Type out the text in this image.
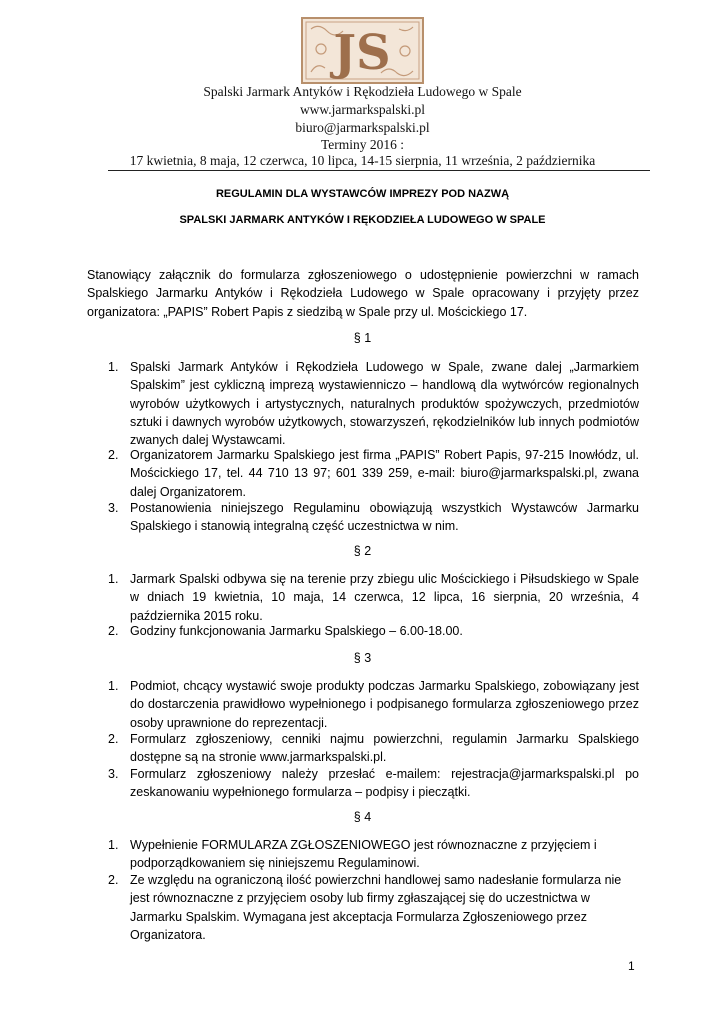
JS
Spalski Jarmark Antyków i Rękodzieła Ludowego w Spale
www.jarmarkspalski.pl
biuro@jarmarkspalski.pl
Terminy 2016 :
17 kwietnia, 8 maja, 12 czerwca, 10 lipca, 14-15 sierpnia, 11 września, 2 października
REGULAMIN DLA WYSTAWCÓW IMPREZY POD NAZWĄ
SPALSKI JARMARK ANTYKÓW I RĘKODZIEŁA LUDOWEGO W SPALE
Stanowiący załącznik do formularza zgłoszeniowego o udostępnienie powierzchni w ramach Spalskiego Jarmarku Antyków i Rękodzieła Ludowego w Spale opracowany i przyjęty przez organizatora: „PAPIS” Robert Papis z siedzibą w Spale przy ul. Mościckiego 17.
§ 1
1. Spalski Jarmark Antyków i Rękodzieła Ludowego w Spale, zwane dalej „Jarmarkiem Spalskim” jest cykliczną imprezą wystawienniczo – handlową dla wytwórców regionalnych wyrobów użytkowych i artystycznych, naturalnych produktów spożywczych, przedmiotów sztuki i dawnych wyrobów użytkowych, stowarzyszeń, rękodzielników lub innych podmiotów zwanych dalej Wystawcami.
2. Organizatorem Jarmarku Spalskiego jest firma „PAPIS” Robert Papis, 97-215 Inowłódz, ul. Mościckiego 17, tel. 44 710 13 97; 601 339 259, e-mail: biuro@jarmarkspalski.pl, zwana dalej Organizatorem.
3. Postanowienia niniejszego Regulaminu obowiązują wszystkich Wystawców Jarmarku Spalskiego i stanowią integralną część uczestnictwa w nim.
§ 2
1. Jarmark Spalski odbywa się na terenie przy zbiegu ulic Mościckiego i Piłsudskiego w Spale w dniach 19 kwietnia, 10 maja, 14 czerwca, 12 lipca, 16 sierpnia, 20 września, 4 października 2015 roku.
2. Godziny funkcjonowania Jarmarku Spalskiego – 6.00-18.00.
§ 3
1. Podmiot, chcący wystawić swoje produkty podczas Jarmarku Spalskiego, zobowiązany jest do dostarczenia prawidłowo wypełnionego i podpisanego formularza zgłoszeniowego przez osoby uprawnione do reprezentacji.
2. Formularz zgłoszeniowy, cenniki najmu powierzchni, regulamin Jarmarku Spalskiego dostępne są na stronie www.jarmarkspalski.pl.
3. Formularz zgłoszeniowy należy przesłać e-mailem: rejestracja@jarmarkspalski.pl po zeskanowaniu wypełnionego formularza – podpisy i pieczątki.
§ 4
1. Wypełnienie FORMULARZA ZGŁOSZENIOWEGO jest równoznaczne z przyjęciem i podporządkowaniem się niniejszemu Regulaminowi.
2. Ze względu na ograniczoną ilość powierzchni handlowej samo nadesłanie formularza nie jest równoznaczne z przyjęciem osoby lub firmy zgłaszającej się do uczestnictwa w Jarmarku Spalskim. Wymagana jest akceptacja Formularza Zgłoszeniowego przez Organizatora.
1
